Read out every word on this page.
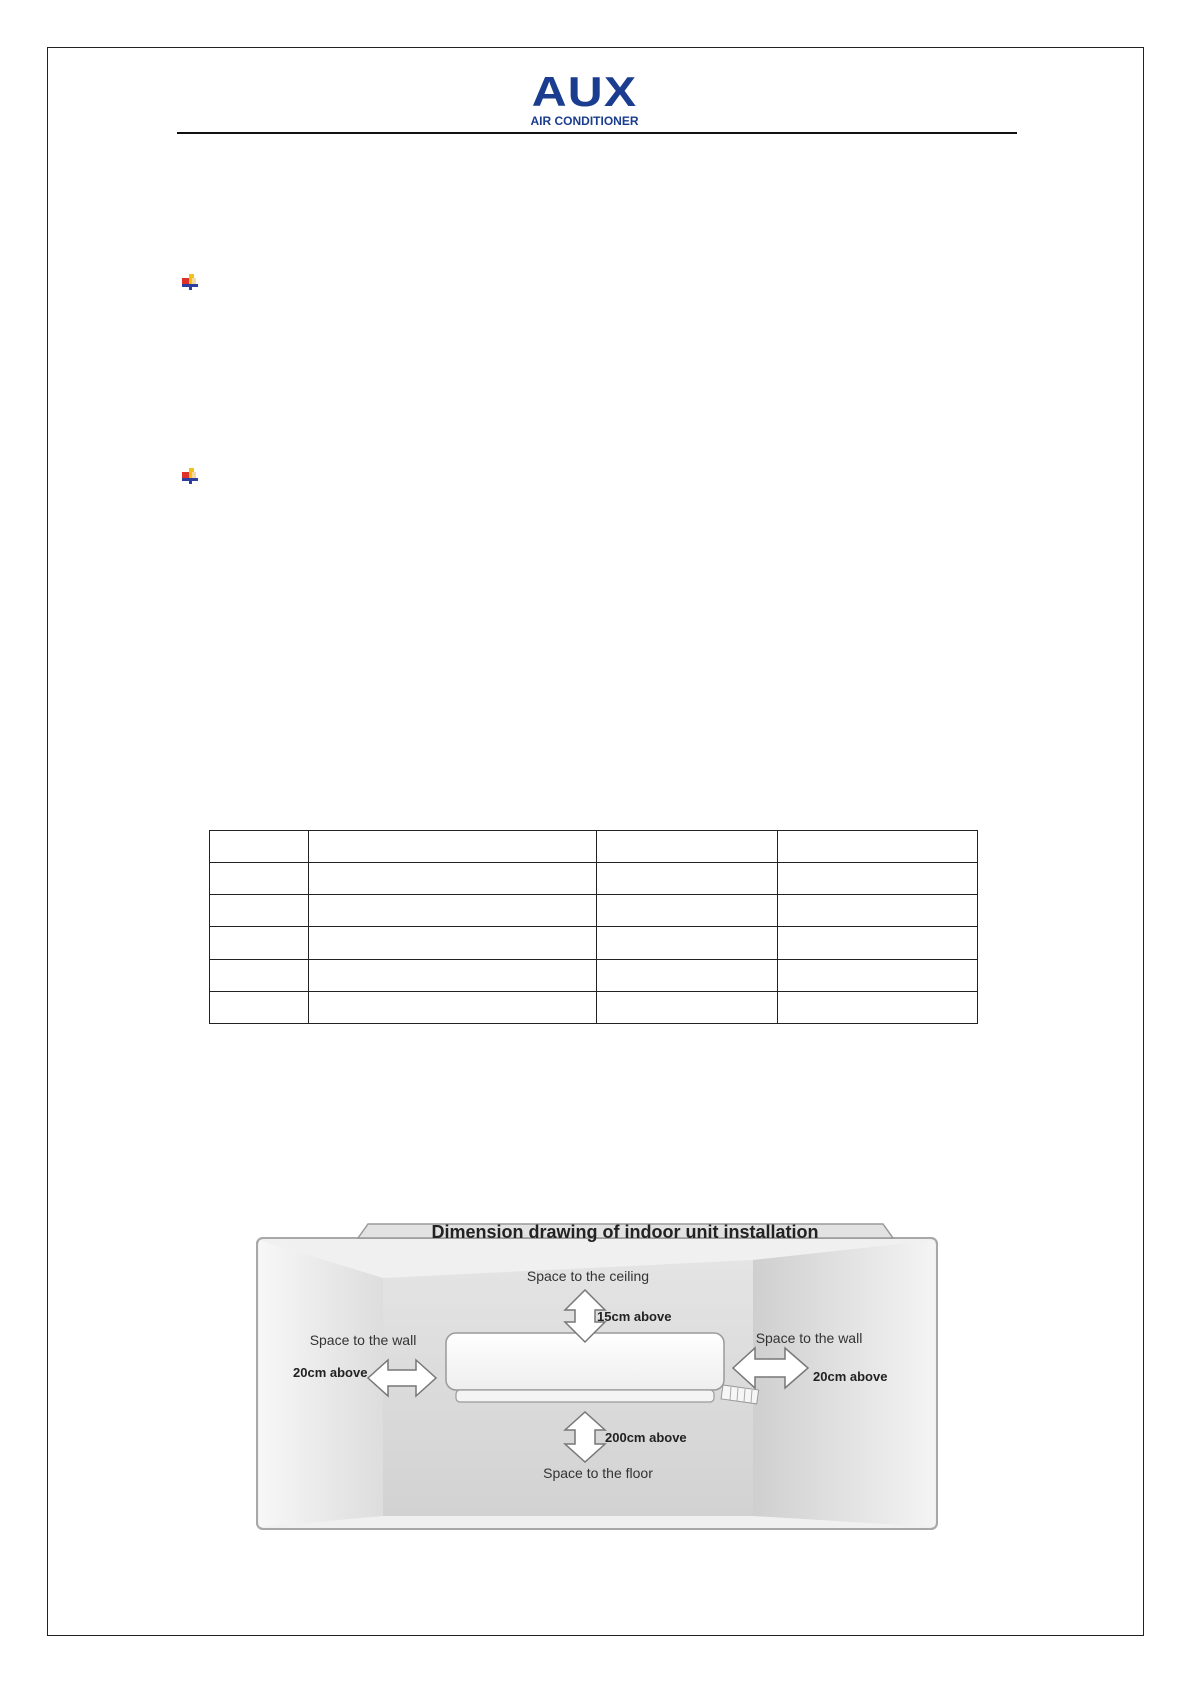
AUX
AIR CONDITIONER

Dimension drawing of indoor unit installation
Space to the ceiling
15cm above
Space to the wall
20cm above
Space to the wall
20cm above
200cm above
Space to the floor
